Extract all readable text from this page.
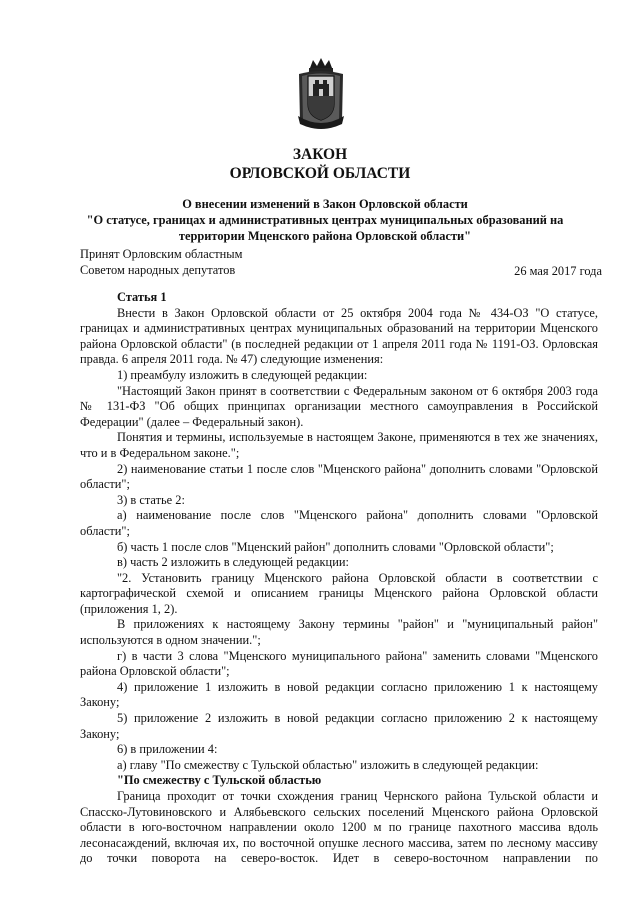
ЗАКОН
ОРЛОВСКОЙ ОБЛАСТИ
О внесении изменений в Закон Орловской области
"О статусе, границах и административных центрах муниципальных образований на территории Мценского района Орловской области"
Принят Орловским областным
Советом народных депутатов	26 мая 2017 года

Статья 1

Внести в Закон Орловской области от 25 октября 2004 года № 434-ОЗ "О статусе, границах и административных центрах муниципальных образований на территории Мценского района Орловской области" (в последней редакции от 1 апреля 2011 года № 1191-ОЗ. Орловская правда. 6 апреля 2011 года. № 47) следующие изменения:

1) преамбулу изложить в следующей редакции:

"Настоящий Закон принят в соответствии с Федеральным законом от 6 октября 2003 года № 131-ФЗ "Об общих принципах организации местного самоуправления в Российской Федерации" (далее – Федеральный закон).

Понятия и термины, используемые в настоящем Законе, применяются в тех же значениях, что и в Федеральном законе.";

2) наименование статьи 1 после слов "Мценского района" дополнить словами "Орловской области";

3) в статье 2:

а) наименование после слов "Мценского района" дополнить словами "Орловской области";

б) часть 1 после слов "Мценский район" дополнить словами "Орловской области";

в) часть 2 изложить в следующей редакции:

"2. Установить границу Мценского района Орловской области в соответствии с картографической схемой и описанием границы Мценского района Орловской области (приложения 1, 2).

В приложениях к настоящему Закону термины "район" и "муниципальный район" используются в одном значении.";

г) в части 3 слова "Мценского муниципального района" заменить словами "Мценского района Орловской области";

4) приложение 1 изложить в новой редакции согласно приложению 1 к настоящему Закону;

5) приложение 2 изложить в новой редакции согласно приложению 2 к настоящему Закону;

6) в приложении 4:

а) главу "По смежеству с Тульской областью" изложить в следующей редакции:

"По смежеству с Тульской областью

Граница проходит от точки схождения границ Чернского района Тульской области и Спасско-Лутовиновского и Алябьевского сельских поселений Мценского района Орловской области в юго-восточном направлении около 1200 м по границе пахотного массива вдоль лесонасаждений, включая их, по восточной опушке лесного массива, затем по лесному массиву до точки поворота на северо-восток. Идет в северо-восточном направлении по
